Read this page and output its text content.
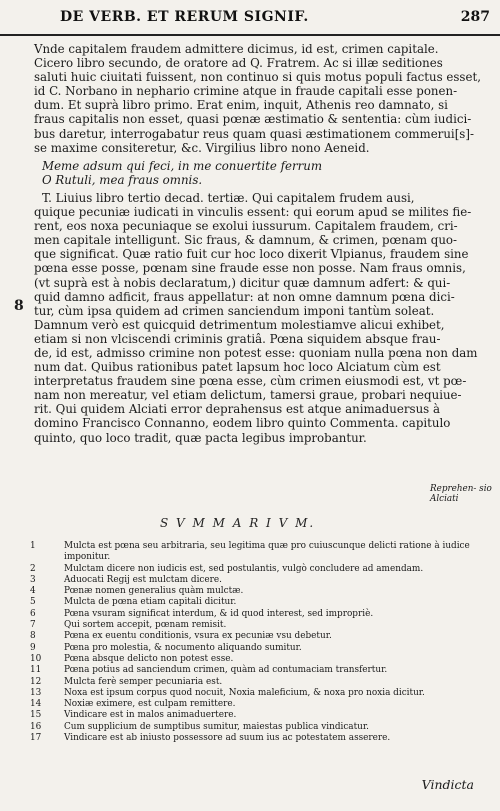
DE VERB. ET RERUM SIGNIF.	287
Vnde capitalem fraudem admittere dicimus, id est, crimen capitale.
Cicero libro secundo, de oratore ad Q. Fratrem. Ac si illæ seditiones
saluti huic ciuitati fuissent, non continuo si quis motus populi factus esset,
id C. Norbano in nephario crimine atque in fraude capitali esse ponen-
dum. Et suprà libro primo. Erat enim, inquit, Athenis reo damnato, si
fraus capitalis non esset, quasi pœnæ æstimatio & sententia: cùm iudici-
bus daretur, interrogabatur reus quam quasi æstimationem commerui[s]-
se maxime consiteretur, &c. Virgilius libro nono Aeneid.
Meme adsum qui feci, in me conuertite ferrum
O Rutuli, mea fraus omnis.
T. Liuius libro tertio decad. tertiæ. Qui capitalem frudem ausi,
quique pecuniæ iudicati in vinculis essent: qui eorum apud se milites fie-
rent, eos noxa pecuniaque se exolui iussurum. Capitalem fraudem, cri-
men capitale intelligunt. Sic fraus, & damnum, & crimen, pœnam quo-
que significat. Quæ ratio fuit cur hoc loco dixerit Vlpianus, fraudem sine
pœna esse posse, pœnam sine fraude esse non posse. Nam fraus omnis,
(vt suprà est à nobis declaratum,) dicitur quæ damnum adfert: & qui-
quid damno adficit, fraus appellatur: at non omne damnum pœna dici-
tur, cùm ipsa quidem ad crimen sanciendum imponi tantùm soleat.
Damnum verò est quicquid detrimentum molestiamve alicui exhibet,
etiam si non vlciscendi criminis gratiâ. Pœna siquidem absque frau-
de, id est, admisso crimine non potest esse: quoniam nulla pœna non dam
num dat. Quibus rationibus patet lapsum hoc loco Alciatum cùm est
interpretatus fraudem sine pœna esse, cùm crimen eiusmodi est, vt pœ-
nam non mereatur, vel etiam delictum, tamersi graue, probari nequiue-
rit. Qui quidem Alciati error deprahensus est atque animaduersus à
domino Francisco Connanno, eodem libro quinto Commenta. capitulo
quinto, quo loco tradit, quæ pacta legibus improbantur.
8
Reprehen- sio Alciati
S V M M A R I V M.
1	Mulcta est pœna seu arbitraria, seu legitima quæ pro cuiuscunque delicti ratione à iudice
imponitur.
2	Mulctam dicere non iudicis est, sed postulantis, vulgò concludere ad amendam.
3	Aduocati Regij est mulctam dicere.
4	Pœnæ nomen generalius quàm mulctæ.
5	Mulcta de pœna etiam capitali dicitur.
6	Pœna vsuram significat interdum, & id quod interest, sed impropriè.
7	Qui sortem accepit, pœnam remisit.
8	Pœna ex euentu conditionis, vsura ex pecuniæ vsu debetur.
9	Pœna pro molestia, & nocumento aliquando sumitur.
10	Pœna absque delicto non potest esse.
11	Pœna potius ad sanciendum crimen, quàm ad contumaciam transfertur.
12	Mulcta ferè semper pecuniaria est.
13	Noxa est ipsum corpus quod nocuit, Noxia maleficium, & noxa pro noxia dicitur.
14	Noxiæ eximere, est culpam remittere.
15	Vindicare est in malos animaduertere.
16	Cum supplicium de sumptibus sumitur, maiestas publica vindicatur.
17	Vindicare est ab iniusto possessore ad suum ius ac potestatem asserere.
Vindicta
